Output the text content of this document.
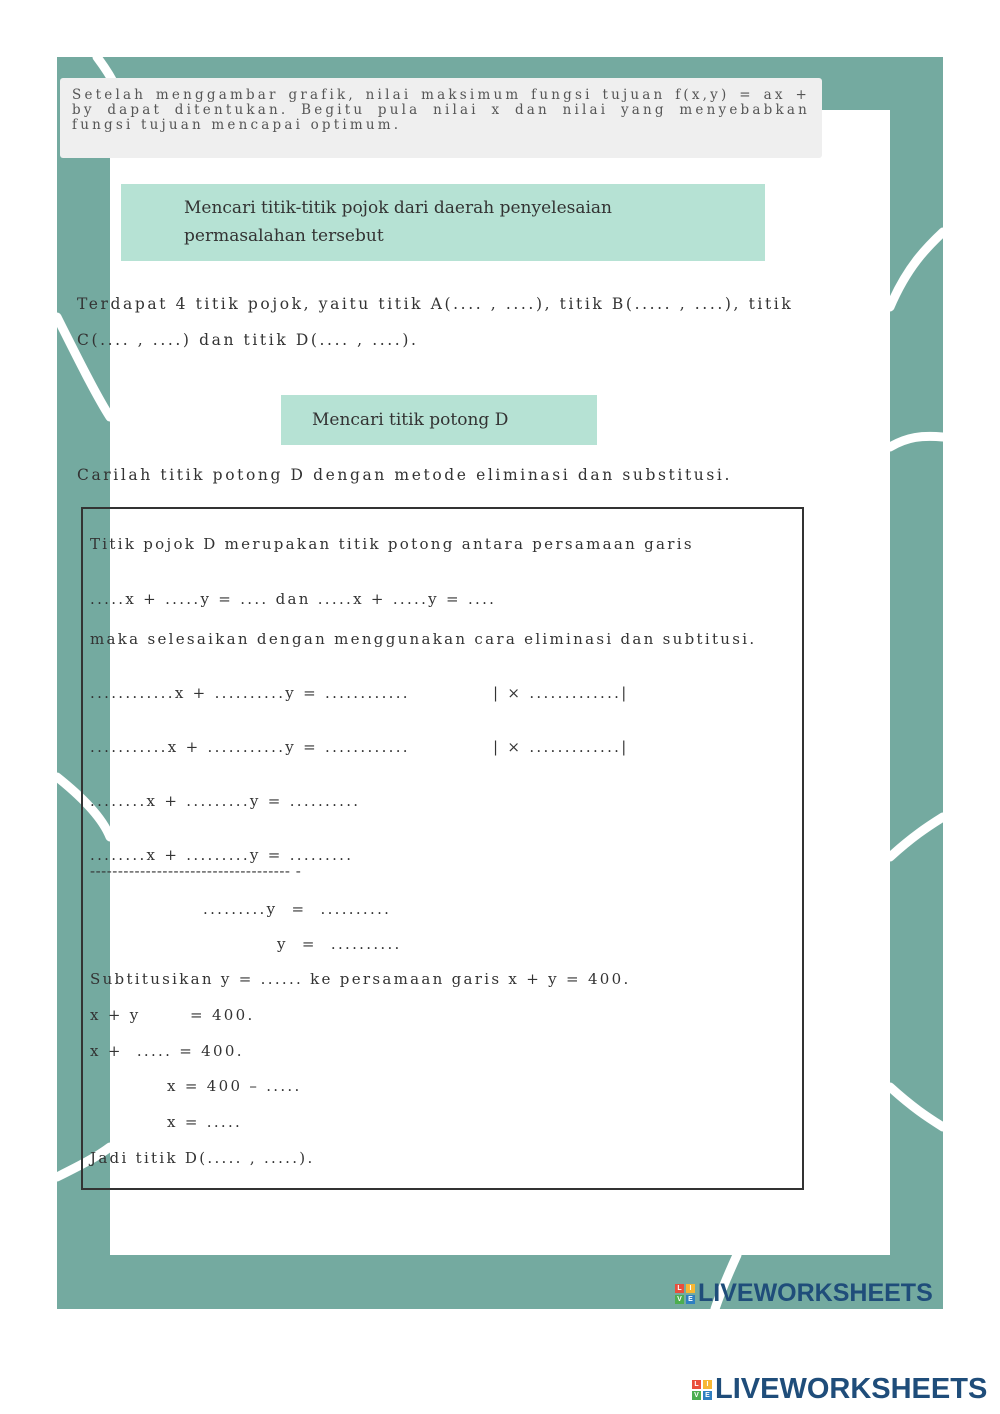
Setelah menggambar grafik, nilai maksimum fungsi tujuan f(x,y) = ax + by dapat ditentukan. Begitu pula nilai x dan nilai yang menyebabkan fungsi tujuan mencapai optimum.
Mencari titik-titik pojok dari daerah penyelesaian
permasalahan tersebut
Terdapat 4 titik pojok, yaitu titik A(.... , ....), titik B(..... , ....), titik
C(.... , ....) dan titik D(.... , ....).
Mencari titik potong D
Carilah titik potong D dengan metode eliminasi dan substitusi.
Titik pojok D merupakan titik potong antara persamaan garis
.....x + .....y = .... dan .....x + .....y = ....
maka selesaikan dengan menggunakan cara eliminasi dan subtitusi.
............x + ..........y = ............	| × .............|
...........x + ...........y = ............	| × .............|
........x + .........y = ..........
........x + .........y = .........
------------------------------------ -
.........y  =  ..........
y  =  ..........
Subtitusikan y = ...... ke persamaan garis x + y = 400.
x + y       = 400.
x +  ..... = 400.
x = 400 – .....
x = .....
Jadi titik D(..... , .....).
L	I
V E LIVEWORKSHEETS
L	I
V E LIVEWORKSHEETS
